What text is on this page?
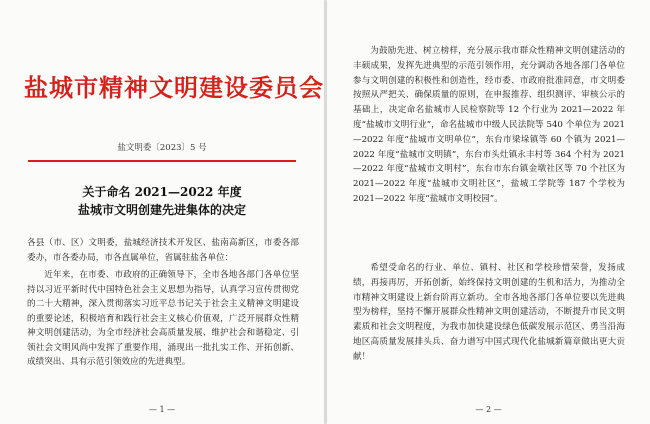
盐城市精神文明建设委员会
盐文明委〔2023〕5 号
关于命名 2021—2022 年度
盐城市文明创建先进集体的决定
各县（市、区）文明委，盐城经济技术开发区、盐南高新区，市委各部委办，市各委办局，市各直属单位，省属驻盐各单位：
近年来，在市委、市政府的正确领导下，全市各地各部门各单位坚持以习近平新时代中国特色社会主义思想为指导，认真学习宣传贯彻党的二十大精神，深入贯彻落实习近平总书记关于社会主义精神文明建设的重要论述，积极培育和践行社会主义核心价值观，广泛开展群众性精神文明创建活动，为全市经济社会高质量发展、维护社会和谐稳定、引领社会文明风尚中发挥了重要作用，涌现出一批扎实工作、开拓创新、成绩突出、具有示范引领效应的先进典型。
— 1 —
为鼓励先进、树立榜样，充分展示我市群众性精神文明创建活动的丰硕成果，发挥先进典型的示范引领作用，充分调动各地各部门各单位参与文明创建的积极性和创造性，经市委、市政府批准同意，市文明委按照从严把关、确保质量的原则，在申报推荐、组织测评、审核公示的基础上，决定命名盐城市人民检察院等 12 个行业为 2021—2022 年度“盐城市文明行业”，命名盐城市中级人民法院等 540 个单位为 2021—2022 年度“盐城市文明单位”，东台市梁垛镇等 60 个镇为 2021—2022 年度“盐城市文明镇”，东台市头灶镇永丰村等 364 个村为 2021—2022 年度“盐城市文明村”，东台市东台镇金墩社区等 70 个社区为 2021—2022 年度“盐城市文明社区”，盐城工学院等 187 个学校为 2021—2022 年度“盐城市文明校园”。
希望受命名的行业、单位、镇村、社区和学校珍惜荣誉，发扬成绩，再接再厉，开拓创新，始终保持文明创建的生机和活力，为推动全市精神文明建设上新台阶再立新功。全市各地各部门各单位要以先进典型为榜样，坚持不懈开展群众性精神文明创建活动，不断提升市民文明素质和社会文明程度，为我市加快建设绿色低碳发展示范区、勇当沿海地区高质量发展排头兵、奋力谱写中国式现代化盐城新篇章做出更大贡献！
— 2 —
